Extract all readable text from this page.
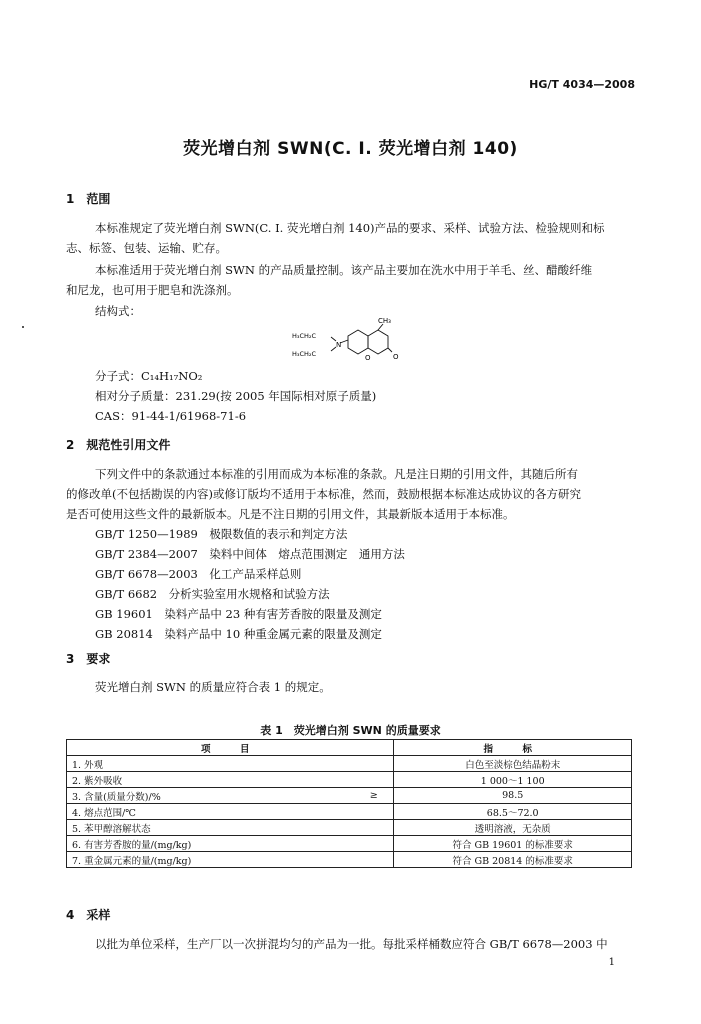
HG/T 4034—2008
荧光增白剂 SWN(C. I. 荧光增白剂 140)
1　范围
本标准规定了荧光增白剂 SWN(C. I. 荧光增白剂 140)产品的要求、采样、试验方法、检验规则和标
志、标签、包装、运输、贮存。
本标准适用于荧光增白剂 SWN 的产品质量控制。该产品主要加在洗水中用于羊毛、丝、醋酸纤维
和尼龙，也可用于肥皂和洗涤剂。
结构式：
CH₃
H₃CH₂C
H₃CH₂C
N
O	O
分子式：C₁₄H₁₇NO₂
相对分子质量：231.29(按 2005 年国际相对原子质量)
CAS：91-44-1/61968-71-6
2　规范性引用文件
下列文件中的条款通过本标准的引用而成为本标准的条款。凡是注日期的引用文件，其随后所有
的修改单(不包括勘误的内容)或修订版均不适用于本标准，然而，鼓励根据本标准达成协议的各方研究
是否可使用这些文件的最新版本。凡是不注日期的引用文件，其最新版本适用于本标准。
GB/T 1250—1989　极限数值的表示和判定方法
GB/T 2384—2007　染料中间体　熔点范围测定　通用方法
GB/T 6678—2003　化工产品采样总则
GB/T 6682　分析实验室用水规格和试验方法
GB 19601　染料产品中 23 种有害芳香胺的限量及测定
GB 20814　染料产品中 10 种重金属元素的限量及测定
3　要求
荧光增白剂 SWN 的质量应符合表 1 的规定。
表 1　荧光增白剂 SWN 的质量要求
项　目		指　标
1. 外观		白色至淡棕色结晶粉末
2. 紫外吸收		1 000～1 100
3. 含量(质量分数)/%	≥	98.5
4. 熔点范围/℃		68.5～72.0
5. 苯甲醇溶解状态		透明溶液，无杂质
6. 有害芳香胺的量/(mg/kg)		符合 GB 19601 的标准要求
7. 重金属元素的量/(mg/kg)		符合 GB 20814 的标准要求
4　采样
以批为单位采样，生产厂以一次拼混均匀的产品为一批。每批采样桶数应符合 GB/T 6678—2003 中
1
